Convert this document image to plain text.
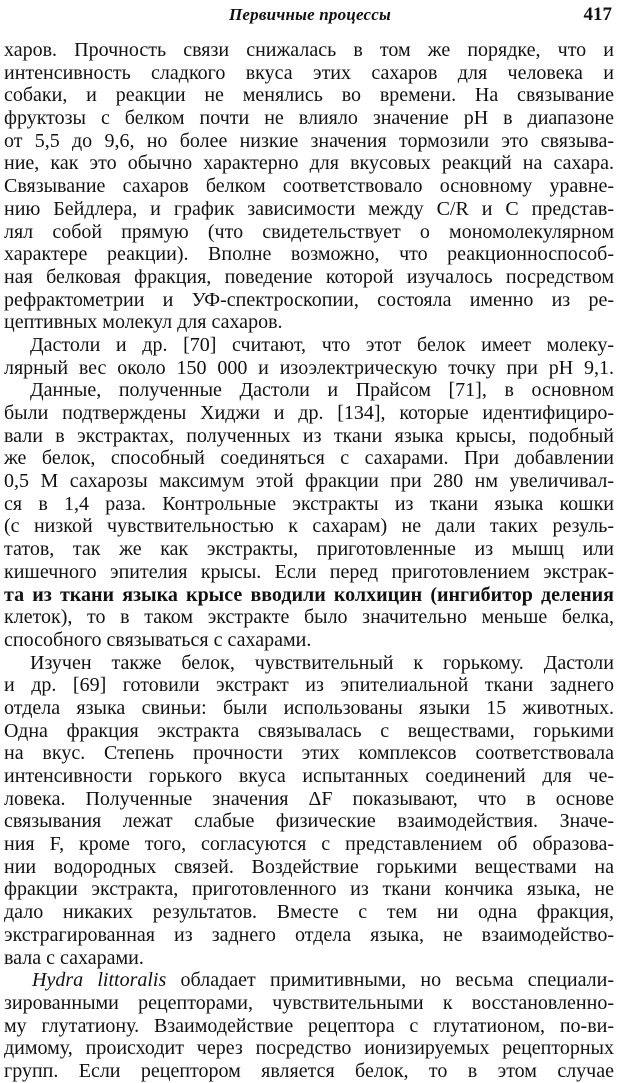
Первичные процессы	417
харов. Прочность связи снижалась в том же порядке, что и
интенсивность сладкого вкуса этих сахаров для человека и
собаки, и реакции не менялись во времени. На связывание
фруктозы с белком почти не влияло значение pH в диапазоне
от 5,5 до 9,6, но более низкие значения тормозили это связыва-
ние, как это обычно характерно для вкусовых реакций на сахара.
Связывание сахаров белком соответствовало основному уравне-
нию Бейдлера, и график зависимости между C/R и C представ-
лял собой прямую (что свидетельствует о мономолекулярном
характере реакции). Вполне возможно, что реакционноспособ-
ная белковая фракция, поведение которой изучалось посредством
рефрактометрии и УФ-спектроскопии, состояла именно из ре-
цептивных молекул для сахаров.
Дастоли и др. [70] считают, что этот белок имеет молеку-
лярный вес около 150 000 и изоэлектрическую точку при pH 9,1.
Данные, полученные Дастоли и Прайсом [71], в основном
были подтверждены Хиджи и др. [134], которые идентифициро-
вали в экстрактах, полученных из ткани языка крысы, подобный
же белок, способный соединяться с сахарами. При добавлении
0,5 M сахарозы максимум этой фракции при 280 нм увеличивал-
ся в 1,4 раза. Контрольные экстракты из ткани языка кошки
(с низкой чувствительностью к сахарам) не дали таких резуль-
татов, так же как экстракты, приготовленные из мышц или
кишечного эпителия крысы. Если перед приготовлением экстрак-
та из ткани языка крысе вводили колхицин (ингибитор деления
клеток), то в таком экстракте было значительно меньше белка,
способного связываться с сахарами.
Изучен также белок, чувствительный к горькому. Дастоли
и др. [69] готовили экстракт из эпителиальной ткани заднего
отдела языка свиньи: были использованы языки 15 животных.
Одна фракция экстракта связывалась с веществами, горькими
на вкус. Степень прочности этих комплексов соответствовала
интенсивности горького вкуса испытанных соединений для че-
ловека. Полученные значения ΔF показывают, что в основе
связывания лежат слабые физические взаимодействия. Значе-
ния F, кроме того, согласуются с представлением об образова-
нии водородных связей. Воздействие горькими веществами на
фракции экстракта, приготовленного из ткани кончика языка, не
дало никаких результатов. Вместе с тем ни одна фракция,
экстрагированная из заднего отдела языка, не взаимодейство-
вала с сахарами.
Hydra littoralis обладает примитивными, но весьма специали-
зированными рецепторами, чувствительными к восстановленно-
му глутатиону. Взаимодействие рецептора с глутатионом, по-ви-
димому, происходит через посредство ионизируемых рецепторных
групп. Если рецептором является белок, то в этом случае
